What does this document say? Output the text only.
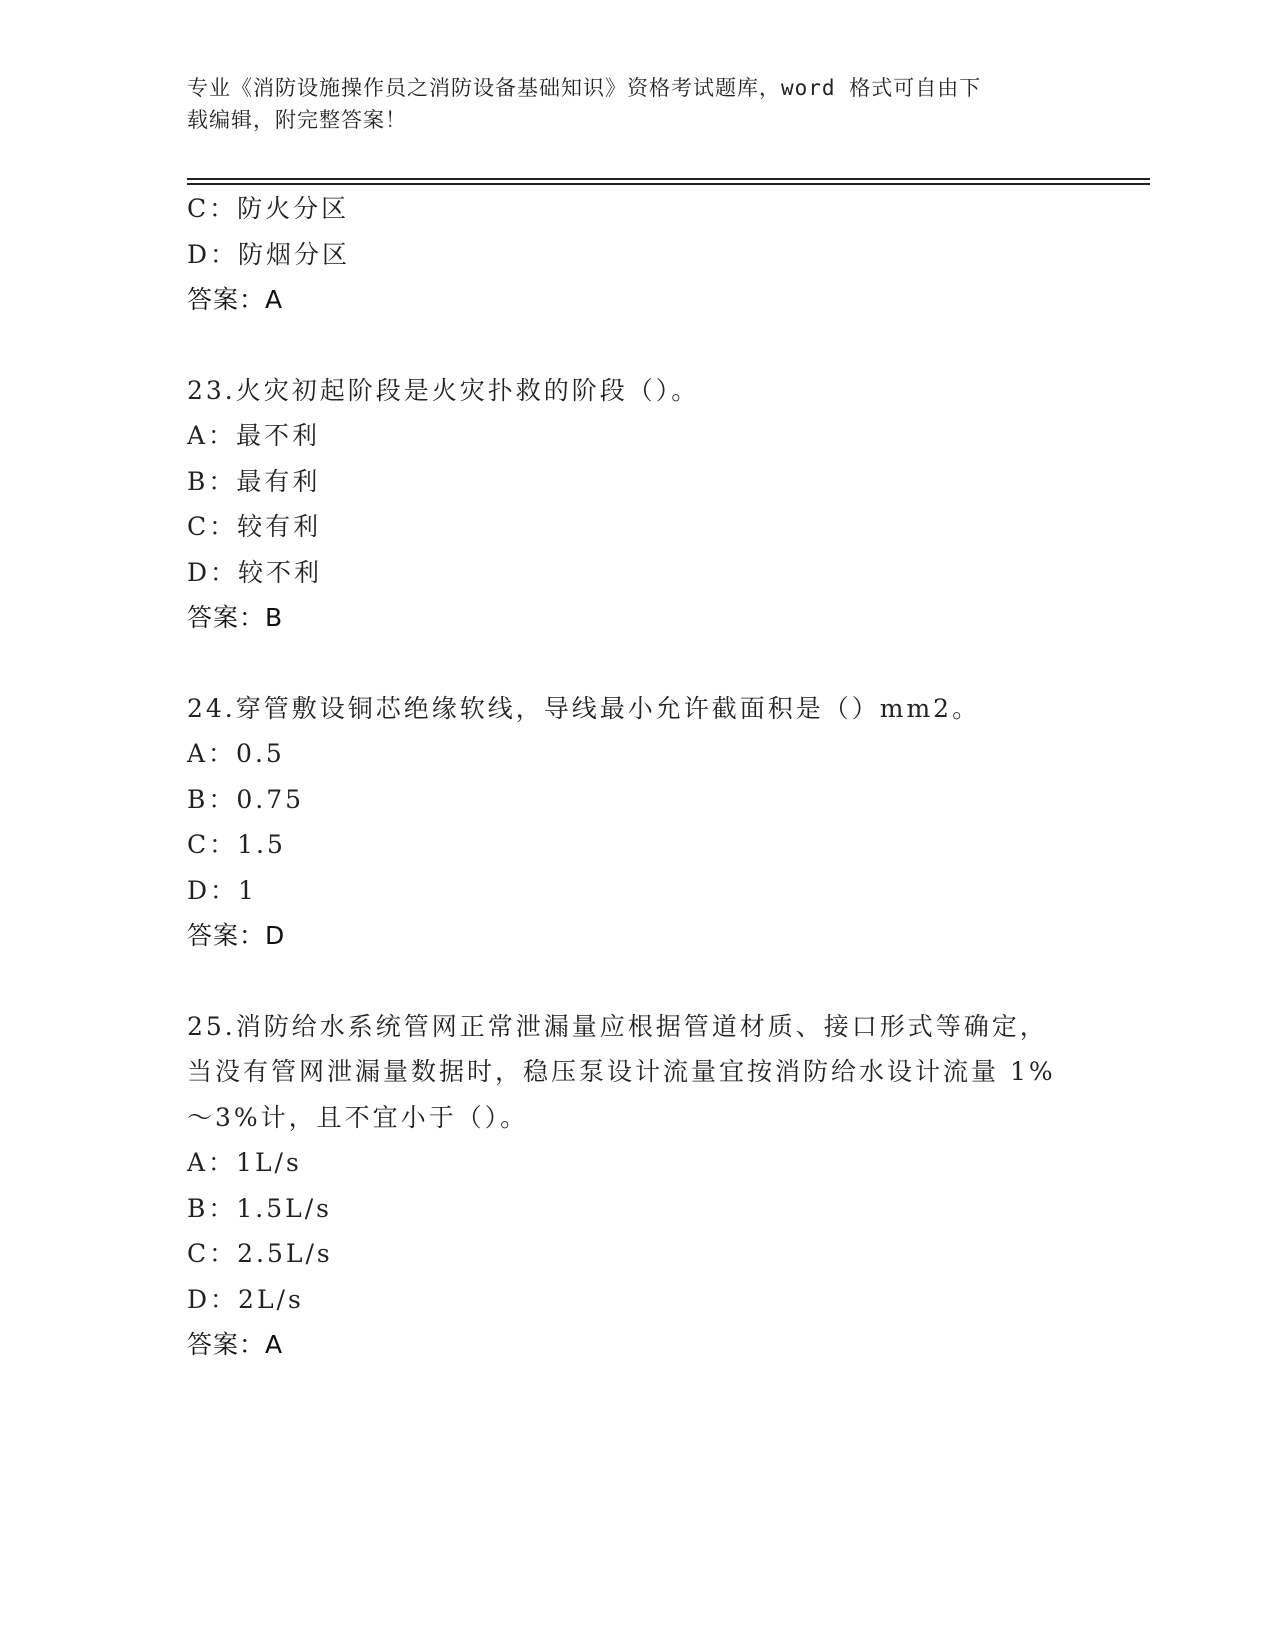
专业《消防设施操作员之消防设备基础知识》资格考试题库，word 格式可自由下
载编辑，附完整答案！
C：防火分区
D：防烟分区
答案：A
23.火灾初起阶段是火灾扑救的阶段（）。
A：最不利
B：最有利
C：较有利
D：较不利
答案：B
24.穿管敷设铜芯绝缘软线，导线最小允许截面积是（）mm2。
A：0.5
B：0.75
C：1.5
D：1
答案：D
25.消防给水系统管网正常泄漏量应根据管道材质、接口形式等确定，
当没有管网泄漏量数据时，稳压泵设计流量宜按消防给水设计流量 1%
～3%计，且不宜小于（）。
A：1L/s
B：1.5L/s
C：2.5L/s
D：2L/s
答案：A
